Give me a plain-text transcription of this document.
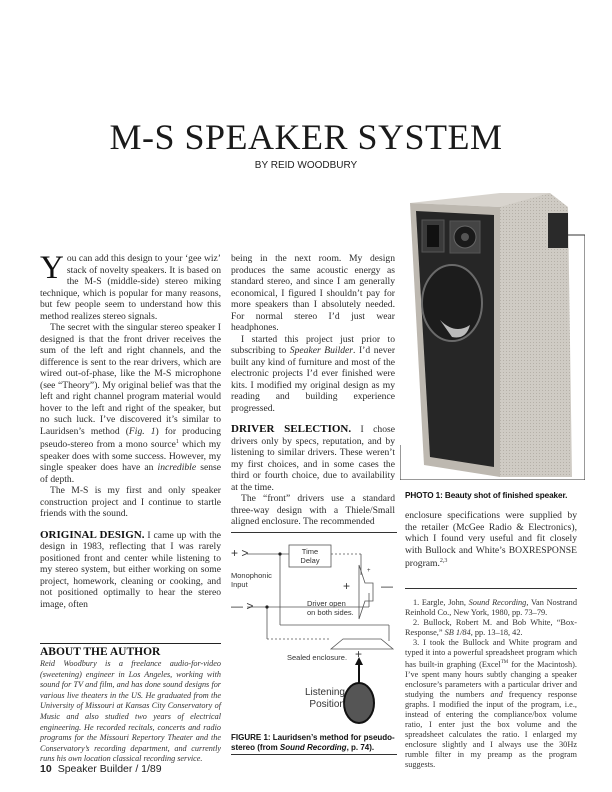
M-S SPEAKER SYSTEM
BY REID WOODBURY

You can add this design to your ‘gee wiz’ stack of novelty speakers. It is based on the M-S (middle-side) stereo miking technique, which is popular for many reasons, but few people seem to understand how this method realizes stereo signals.

The secret with the singular stereo speaker I designed is that the front driver receives the sum of the left and right channels, and the difference is sent to the rear drivers, which are wired out-of-phase, like the M-S microphone (see “Theory”). My original belief was that the left and right channel program material would hover to the left and right of the speaker, but no such luck. I’ve discovered it’s similar to Lauridsen’s method (Fig. 1) for producing pseudo-stereo from a mono source$^1$ which my speaker does with some success. However, my single speaker does have an incredible sense of depth.

The M-S is my first and only speaker construction project and I continue to startle friends with the sound.

ORIGINAL DESIGN. I came up with the design in 1983, reflecting that I was rarely positioned front and center while listening to my stereo system, but either working on some project, homework, cleaning or cooking, and not positioned optimally to hear the stereo image, often

ABOUT THE AUTHOR

Reid Woodbury is a freelance audio-for-video (sweetening) engineer in Los Angeles, working with sound for TV and film, and has done sound designs for various live theaters in the US. He graduated from the University of Missouri at Kansas City Conservatory of Music and also studied two years of electrical engineering. He recorded recitals, concerts and radio programs for the Missouri Repertory Theater and the Conservatory’s recording department, and currently runs his own location classical recording service.

10 Speaker Builder / 1/89

being in the next room. My design produces the same acoustic energy as standard stereo, and since I am generally economical, I figured I shouldn’t pay for more speakers than I absolutely needed. For normal stereo I’d just wear headphones.

I started this project just prior to subscribing to Speaker Builder. I’d never built any kind of furniture and most of the electronic projects I’d ever finished were kits. I modified my original design as my reading and building experience progressed.

DRIVER SELECTION. I chose drivers only by specs, reputation, and by listening to similar drivers. These weren’t my first choices, and in some cases the third or fourth choice, due to availability at the time.

The “front” drivers use a standard three-way design with a Thiele/Small aligned enclosure. The recommended

PHOTO 1: Beauty shot of finished speaker.

enclosure specifications were supplied by the retailer (McGee Radio & Electronics), which I found very useful and fit closely with Bullock and White’s BOXRESPONSE program.$^{2,3}$

1. Eargle, John, Sound Recording, Van Nostrand Reinhold Co., New York, 1980, pp. 73–79.

2. Bullock, Robert M. and Bob White, “Box-Response,” SB 1/84, pp. 13–18, 42.

3. I took the Bullock and White program and typed it into a powerful spreadsheet program which has built-in graphing (Excel™ for the Macintosh). I’ve spent many hours subtly changing a speaker enclosure’s parameters with a particular driver and studying the numbers and frequency response graphs. I modified the input of the program, i.e., instead of entering the compliance/box volume ratio, I enter just the box volume and the spreadsheet calculates the ratio. I enlarged my enclosure slightly and I always use the 30Hz rumble filter in my preamp as the program suggests.

+ >
— >
Monophonic
Input
Time
Delay
+	—
+
Driver open
on both sides.
Sealed enclosure. +
Listening
Position
FIGURE 1: Lauridsen’s method for pseudo-stereo (from Sound Recording, p. 74).
